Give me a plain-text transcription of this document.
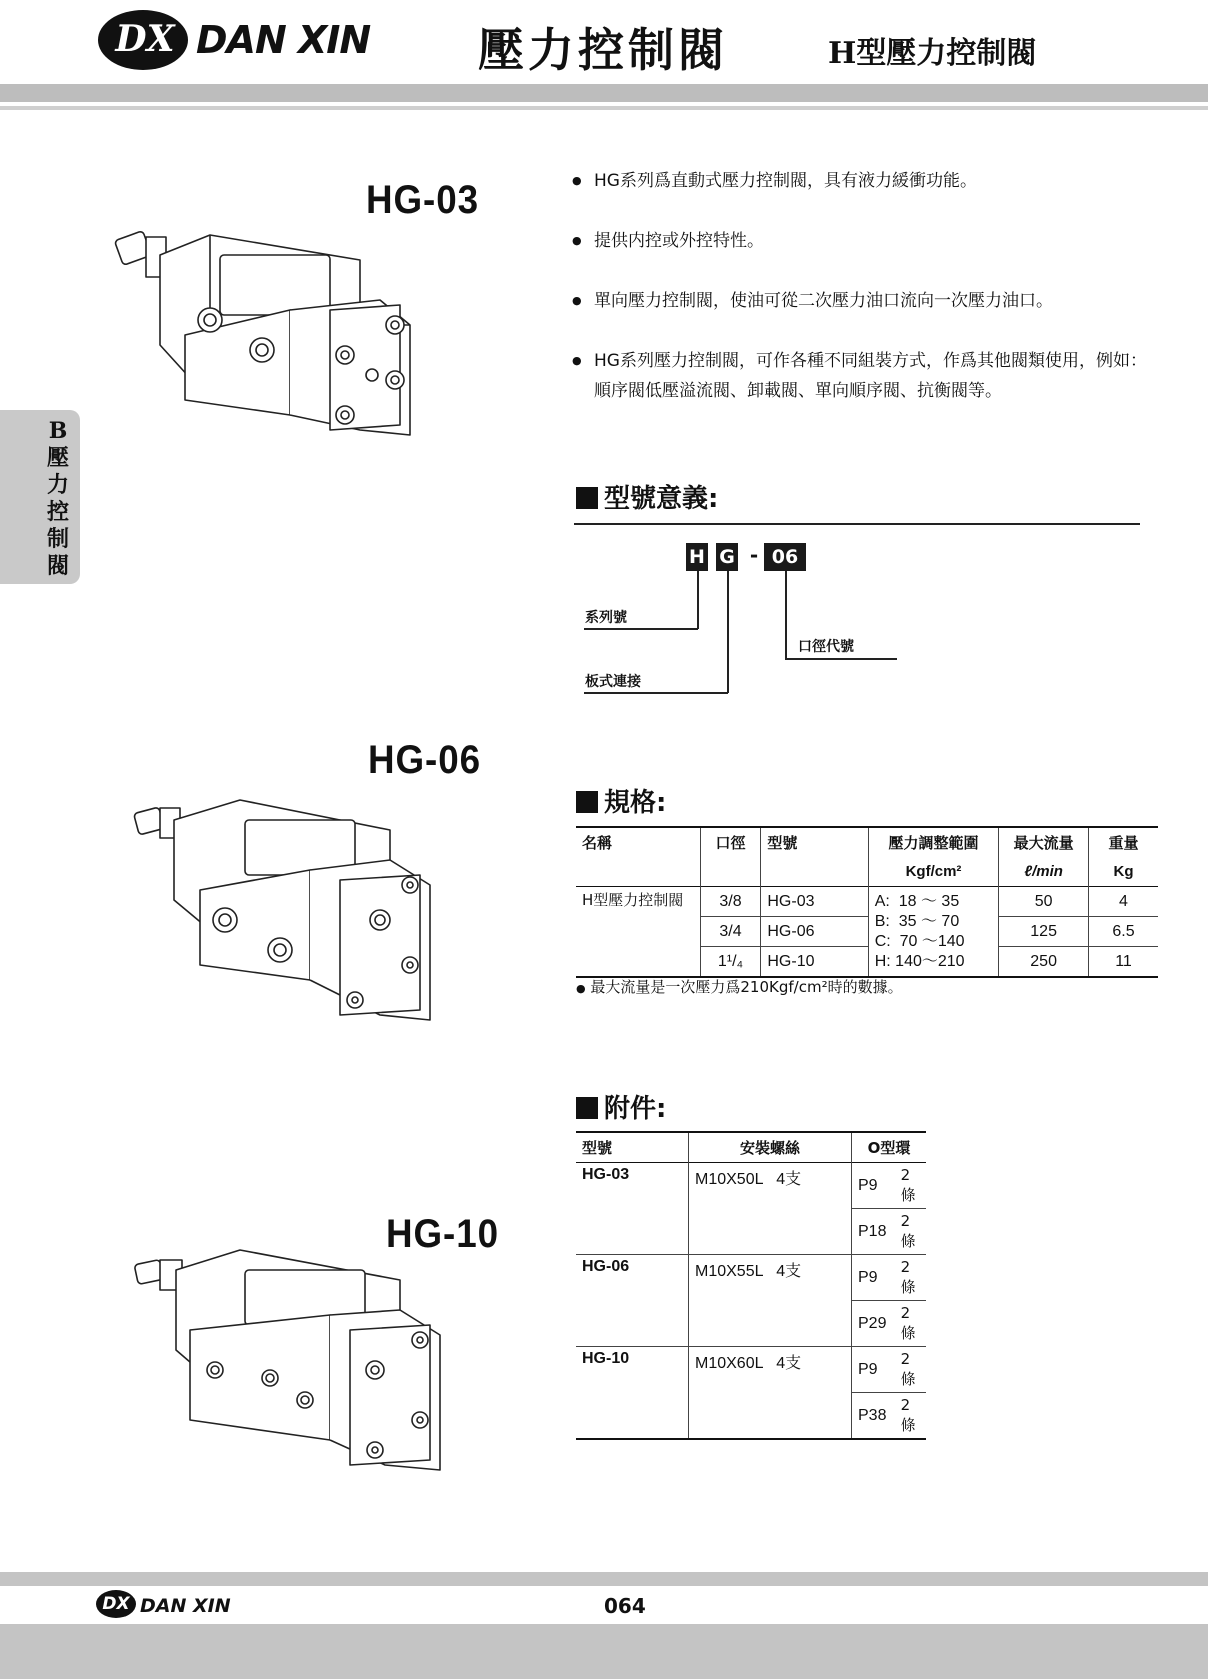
DX DAN XIN 壓力控制閥	H型壓力控制閥
B壓力控制閥
HG-03
HG-06
HG-10
● HG系列爲直動式壓力控制閥，具有液力緩衝功能。
● 提供内控或外控特性。
● 單向壓力控制閥，使油可從二次壓力油口流向一次壓力油口。
● HG系列壓力控制閥，可作各種不同組裝方式，作爲其他閥類使用，例如：順序閥低壓溢流閥、卸載閥、單向順序閥、抗衡閥等。
型號意義:
H G - 06
系列號
板式連接
口徑代號
規格:
名稱	口徑	型號	壓力調整範圍	最大流量	重量
			Kgf/cm²	ℓ/min	Kg
H型壓力控制閥	3/8	HG-03	A:  18 ～ 35
B:  35 ～ 70
C:  70 ～140
H: 140～210	50	4
	3/4	HG-06		125	6.5
	1¹/₄	HG-10		250	11
● 最大流量是一次壓力爲210Kgf/cm²時的數據。
附件:
型號	安裝螺絲	O型環	
HG-03	M10X50L   4支	P9	2條
		P18	2條
HG-06	M10X55L   4支	P9	2條
		P29	2條
HG-10	M10X60L   4支	P9	2條
		P38	2條
DX DAN XIN	064
